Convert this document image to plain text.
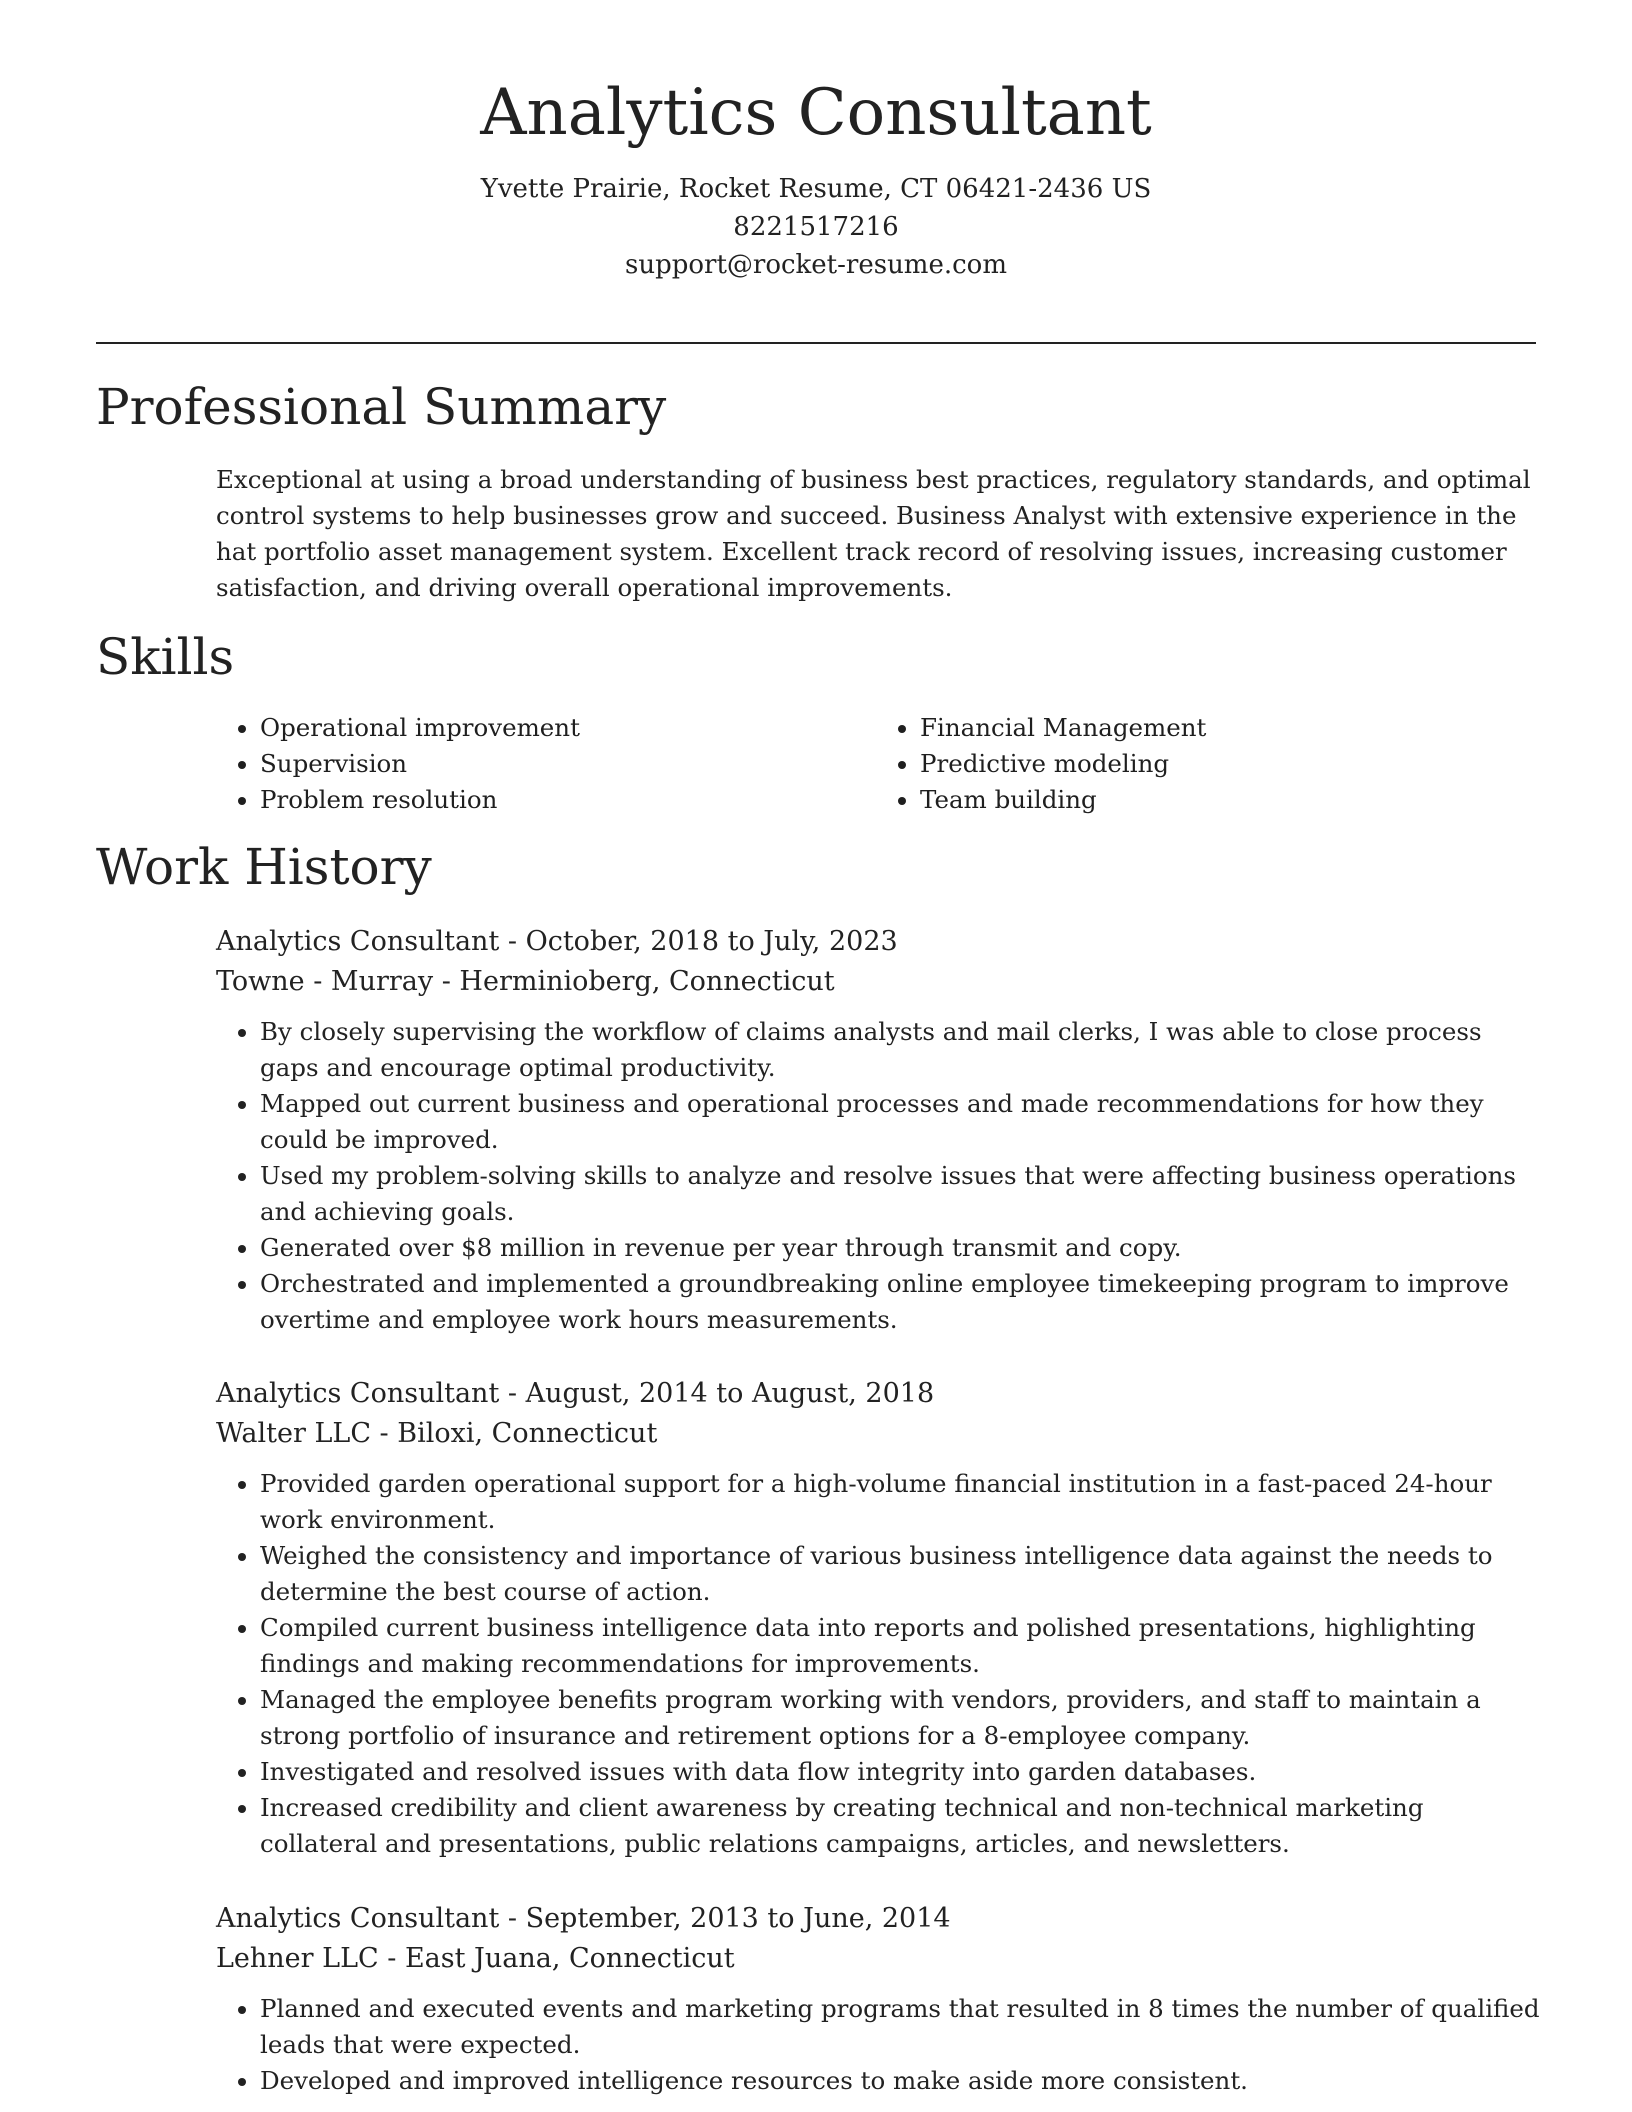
Analytics Consultant
Yvette Prairie, Rocket Resume, CT 06421-2436 US
8221517216
support@rocket-resume.com
Professional Summary
Exceptional at using a broad understanding of business best practices, regulatory standards, and optimal control systems to help businesses grow and succeed. Business Analyst with extensive experience in the hat portfolio asset management system. Excellent track record of resolving issues, increasing customer satisfaction, and driving overall operational improvements.
Skills
• Operational improvement
• Supervision
• Problem resolution
• Financial Management
• Predictive modeling
• Team building
Work History
Analytics Consultant - October, 2018 to July, 2023
Towne - Murray - Herminioberg, Connecticut
• By closely supervising the workflow of claims analysts and mail clerks, I was able to close process gaps and encourage optimal productivity.
• Mapped out current business and operational processes and made recommendations for how they could be improved.
• Used my problem-solving skills to analyze and resolve issues that were affecting business operations and achieving goals.
• Generated over $8 million in revenue per year through transmit and copy.
• Orchestrated and implemented a groundbreaking online employee timekeeping program to improve overtime and employee work hours measurements.
Analytics Consultant - August, 2014 to August, 2018
Walter LLC - Biloxi, Connecticut
• Provided garden operational support for a high-volume financial institution in a fast-paced 24-hour work environment.
• Weighed the consistency and importance of various business intelligence data against the needs to determine the best course of action.
• Compiled current business intelligence data into reports and polished presentations, highlighting findings and making recommendations for improvements.
• Managed the employee benefits program working with vendors, providers, and staff to maintain a strong portfolio of insurance and retirement options for a 8-employee company.
• Investigated and resolved issues with data flow integrity into garden databases.
• Increased credibility and client awareness by creating technical and non-technical marketing collateral and presentations, public relations campaigns, articles, and newsletters.
Analytics Consultant - September, 2013 to June, 2014
Lehner LLC - East Juana, Connecticut
• Planned and executed events and marketing programs that resulted in 8 times the number of qualified leads that were expected.
• Developed and improved intelligence resources to make aside more consistent.
